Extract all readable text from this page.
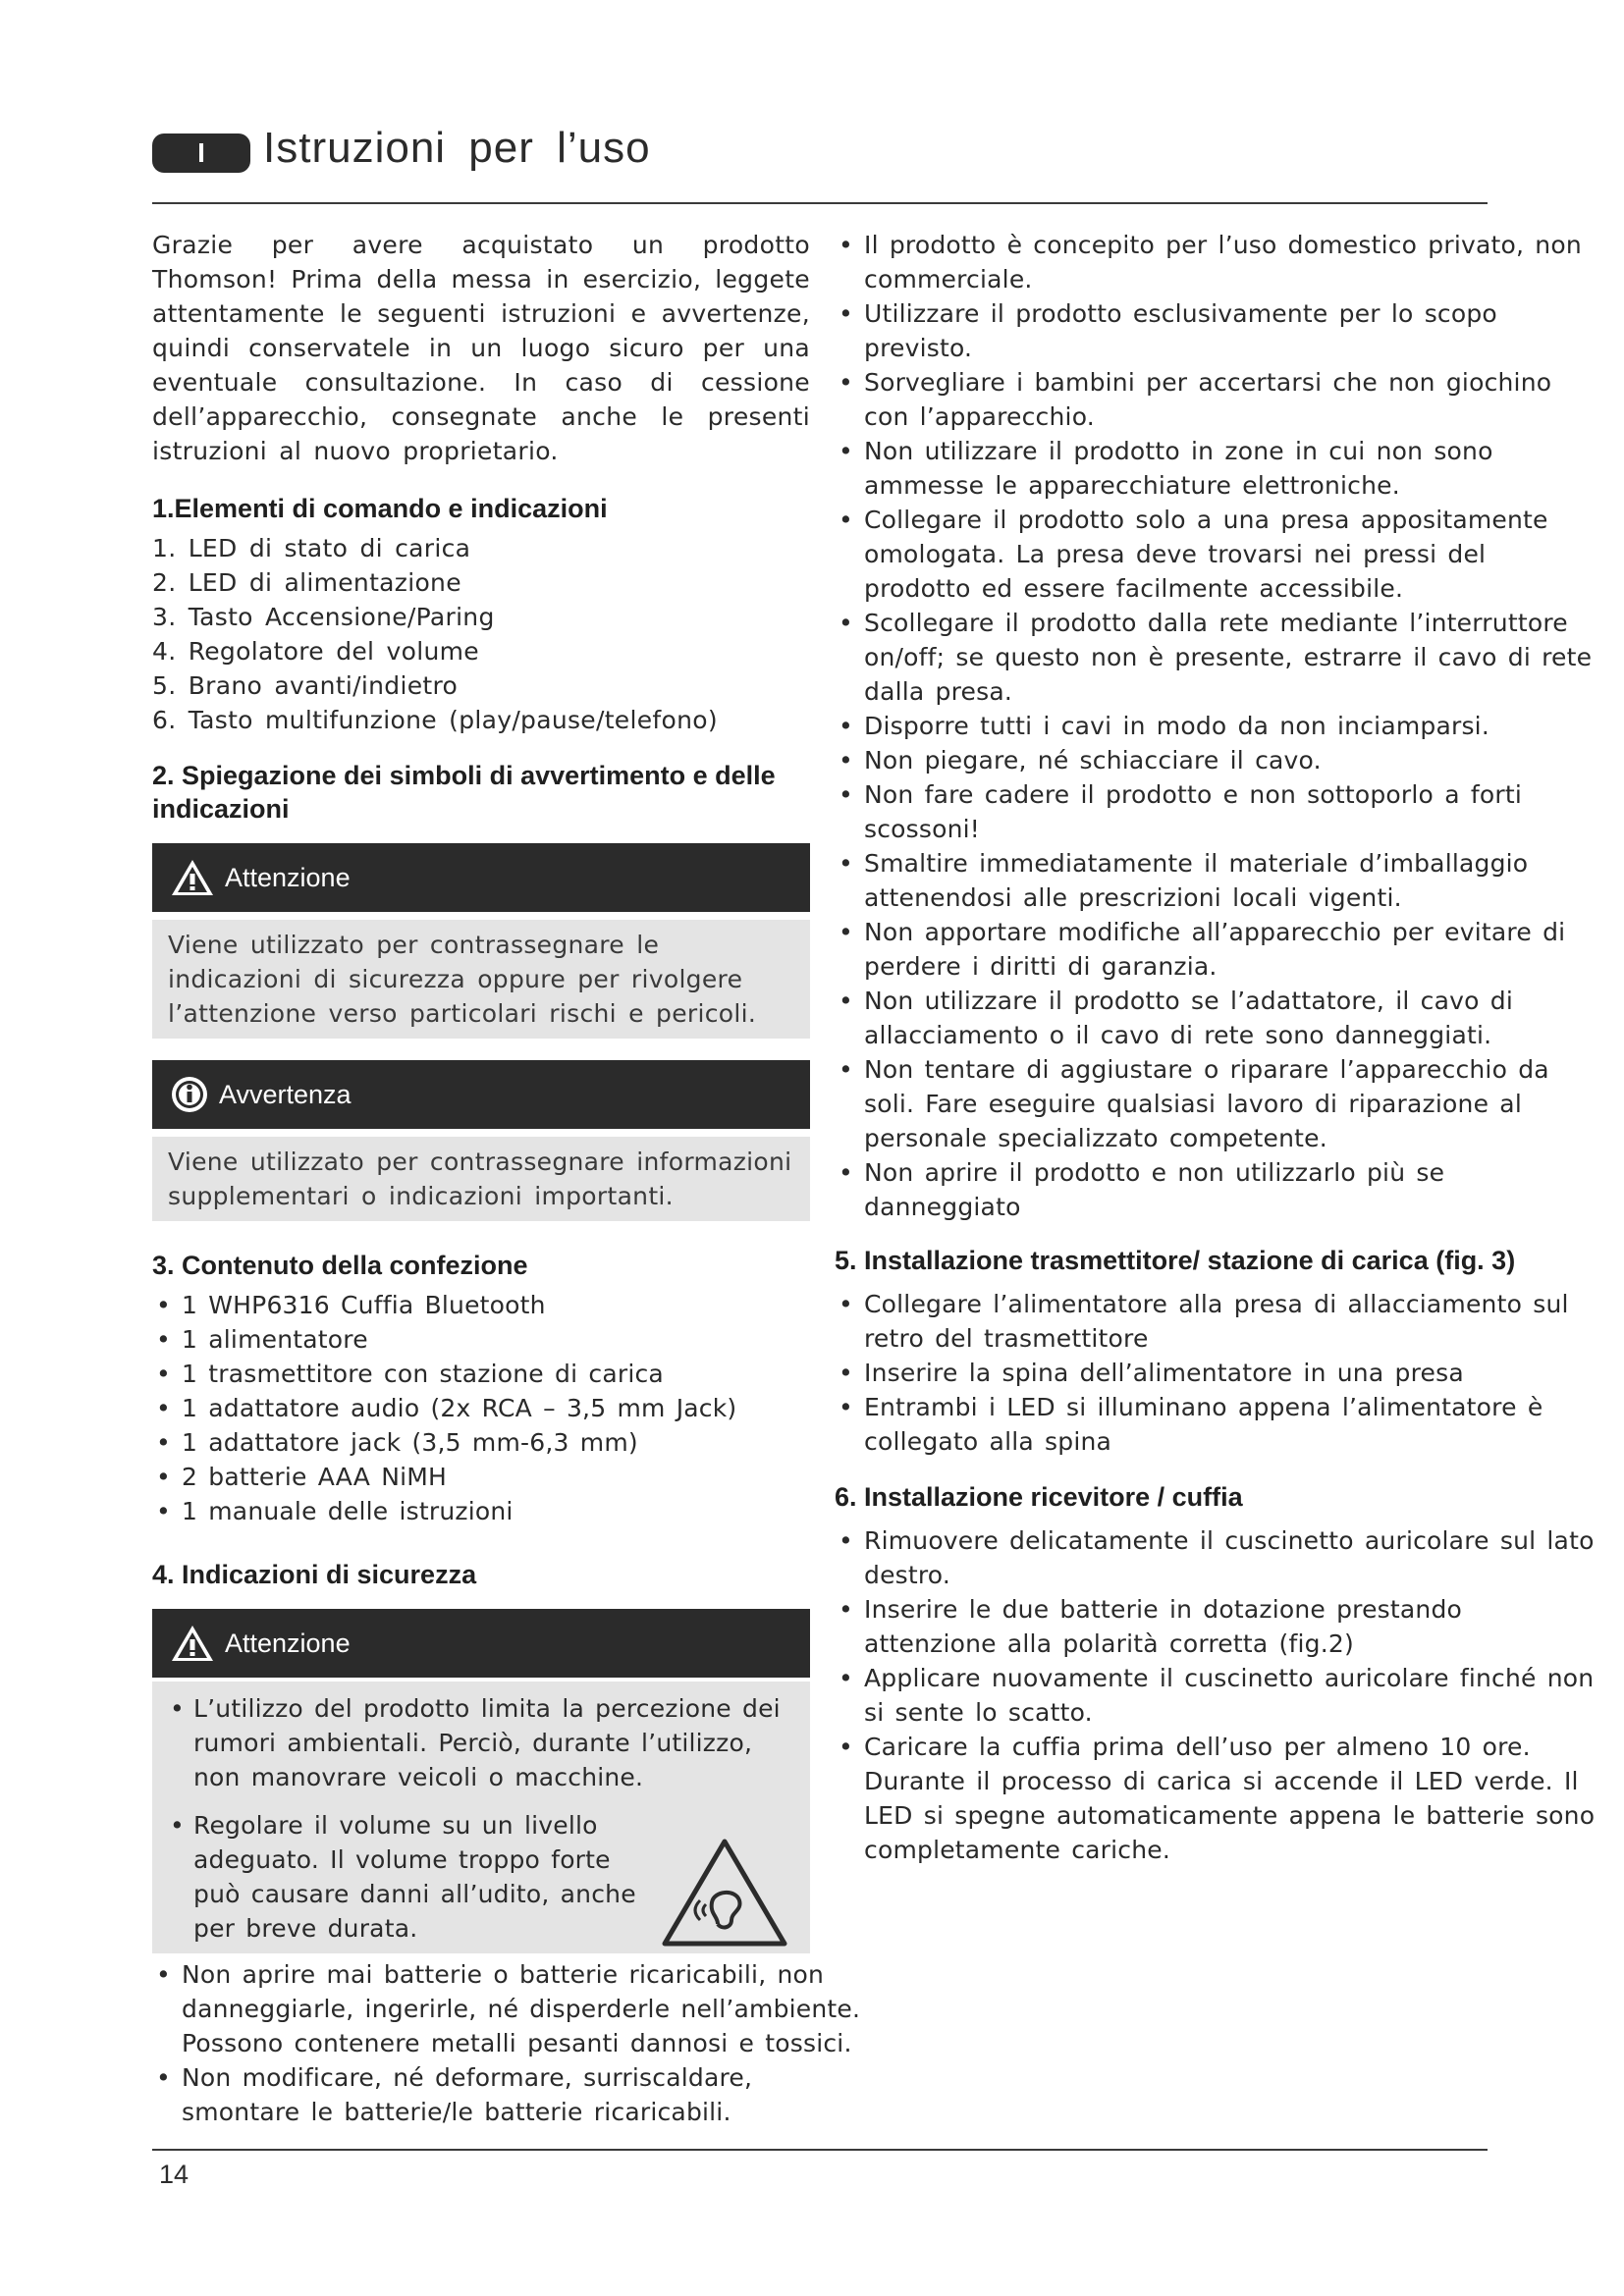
I	Istruzioni per l’uso

Grazie per avere acquistato un prodotto Thomson! Prima della messa in esercizio, leggete attentamente le seguenti istruzioni e avvertenze, quindi conservatele in un luogo sicuro per una eventuale consultazione. In caso di cessione dell’apparecchio, consegnate anche le presenti istruzioni al nuovo proprietario.

1.Elementi di comando e indicazioni
1. LED di stato di carica
2. LED di alimentazione
3. Tasto Accensione/Paring
4. Regolatore del volume
5. Brano avanti/indietro
6. Tasto multifunzione (play/pause/telefono)
2. Spiegazione dei simboli di avvertimento e delle indicazioni
Attenzione
Viene utilizzato per contrassegnare le indicazioni di sicurezza oppure per rivolgere l’attenzione verso particolari rischi e pericoli.
Avvertenza
Viene utilizzato per contrassegnare informazioni supplementari o indicazioni importanti.
3. Contenuto della confezione
• 1 WHP6316 Cuffia Bluetooth
• 1 alimentatore
• 1 trasmettitore con stazione di carica
• 1 adattatore audio (2x RCA – 3,5 mm Jack)
• 1 adattatore jack (3,5 mm-6,3 mm)
• 2 batterie AAA NiMH
• 1 manuale delle istruzioni
4. Indicazioni di sicurezza
Attenzione
• L’utilizzo del prodotto limita la percezione dei rumori ambientali. Perciò, durante l’utilizzo, non manovrare veicoli o macchine.
• Regolare il volume su un livello adeguato. Il volume troppo forte può causare danni all’udito, anche per breve durata.
• Non aprire mai batterie o batterie ricaricabili, non danneggiarle, ingerirle, né disperderle nell’ambiente. Possono contenere metalli pesanti dannosi e tossici.
• Non modificare, né deformare, surriscaldare, smontare le batterie/le batterie ricaricabili.
• Il prodotto è concepito per l’uso domestico privato, non commerciale.
• Utilizzare il prodotto esclusivamente per lo scopo previsto.
• Sorvegliare i bambini per accertarsi che non giochino con l’apparecchio.
• Non utilizzare il prodotto in zone in cui non sono ammesse le apparecchiature elettroniche.
• Collegare il prodotto solo a una presa appositamente omologata. La presa deve trovarsi nei pressi del prodotto ed essere facilmente accessibile.
• Scollegare il prodotto dalla rete mediante l’interruttore on/off; se questo non è presente, estrarre il cavo di rete dalla presa.
• Disporre tutti i cavi in modo da non inciamparsi.
• Non piegare, né schiacciare il cavo.
• Non fare cadere il prodotto e non sottoporlo a forti scossoni!
• Smaltire immediatamente il materiale d’imballaggio attenendosi alle prescrizioni locali vigenti.
• Non apportare modifiche all’apparecchio per evitare di perdere i diritti di garanzia.
• Non utilizzare il prodotto se l’adattatore, il cavo di allacciamento o il cavo di rete sono danneggiati.
• Non tentare di aggiustare o riparare l’apparecchio da soli. Fare eseguire qualsiasi lavoro di riparazione al personale specializzato competente.
• Non aprire il prodotto e non utilizzarlo più se danneggiato
5. Installazione trasmettitore/ stazione di carica (fig. 3)
• Collegare l’alimentatore alla presa di allacciamento sul retro del trasmettitore
• Inserire la spina dell’alimentatore in una presa
• Entrambi i LED si illuminano appena l’alimentatore è collegato alla spina
6. Installazione ricevitore / cuffia
• Rimuovere delicatamente il cuscinetto auricolare sul lato destro.
• Inserire le due batterie in dotazione prestando attenzione alla polarità corretta (fig.2)
• Applicare nuovamente il cuscinetto auricolare finché non si sente lo scatto.
• Caricare la cuffia prima dell’uso per almeno 10 ore. Durante il processo di carica si accende il LED verde. Il LED si spegne automaticamente appena le batterie sono completamente cariche.
14
